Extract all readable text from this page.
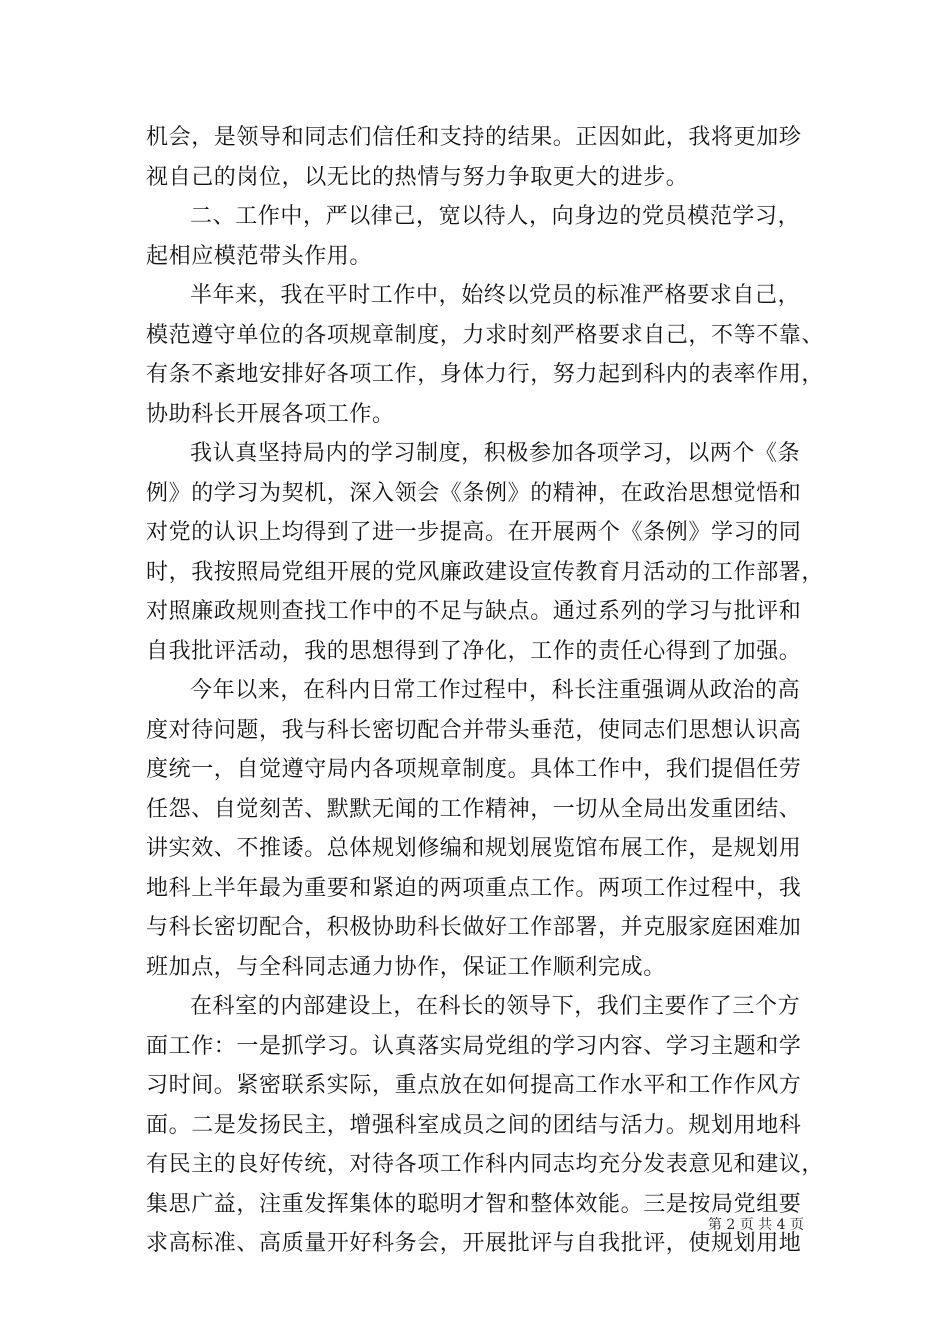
机会，是领导和同志们信任和支持的结果。正因如此，我将更加珍
视自己的岗位，以无比的热情与努力争取更大的进步。
二、工作中，严以律己，宽以待人，向身边的党员模范学习，
起相应模范带头作用。
半年来，我在平时工作中，始终以党员的标准严格要求自己，
模范遵守单位的各项规章制度，力求时刻严格要求自己，不等不靠、
有条不紊地安排好各项工作，身体力行，努力起到科内的表率作用，
协助科长开展各项工作。
我认真坚持局内的学习制度，积极参加各项学习，以两个《条
例》的学习为契机，深入领会《条例》的精神，在政治思想觉悟和
对党的认识上均得到了进一步提高。在开展两个《条例》学习的同
时，我按照局党组开展的党风廉政建设宣传教育月活动的工作部署，
对照廉政规则查找工作中的不足与缺点。通过系列的学习与批评和
自我批评活动，我的思想得到了净化，工作的责任心得到了加强。
今年以来，在科内日常工作过程中，科长注重强调从政治的高
度对待问题，我与科长密切配合并带头垂范，使同志们思想认识高
度统一，自觉遵守局内各项规章制度。具体工作中，我们提倡任劳
任怨、自觉刻苦、默默无闻的工作精神，一切从全局出发重团结、
讲实效、不推诿。总体规划修编和规划展览馆布展工作，是规划用
地科上半年最为重要和紧迫的两项重点工作。两项工作过程中，我
与科长密切配合，积极协助科长做好工作部署，并克服家庭困难加
班加点，与全科同志通力协作，保证工作顺利完成。
在科室的内部建设上，在科长的领导下，我们主要作了三个方
面工作：一是抓学习。认真落实局党组的学习内容、学习主题和学
习时间。紧密联系实际，重点放在如何提高工作水平和工作作风方
面。二是发扬民主，增强科室成员之间的团结与活力。规划用地科
有民主的良好传统，对待各项工作科内同志均充分发表意见和建议，
集思广益，注重发挥集体的聪明才智和整体效能。三是按局党组要
求高标准、高质量开好科务会，开展批评与自我批评，使规划用地
第 2 页 共 4 页
